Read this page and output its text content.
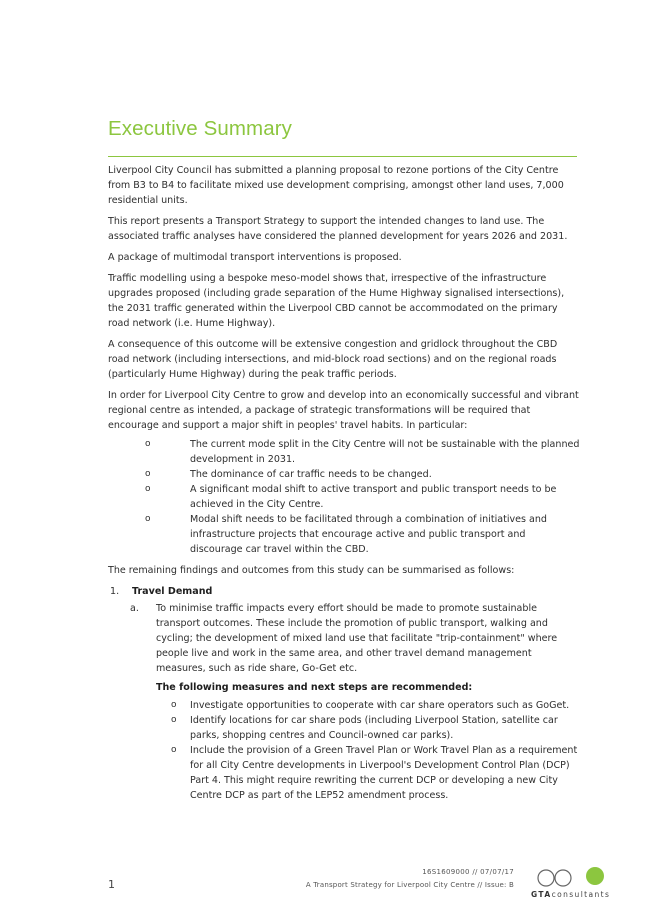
Executive Summary

Liverpool City Council has submitted a planning proposal to rezone portions of the City Centre from B3 to B4 to facilitate mixed use development comprising, amongst other land uses, 7,000 residential units.

This report presents a Transport Strategy to support the intended changes to land use. The associated traffic analyses have considered the planned development for years 2026 and 2031.

A package of multimodal transport interventions is proposed.

Traffic modelling using a bespoke meso-model shows that, irrespective of the infrastructure upgrades proposed (including grade separation of the Hume Highway signalised intersections), the 2031 traffic generated within the Liverpool CBD cannot be accommodated on the primary road network (i.e. Hume Highway).

A consequence of this outcome will be extensive congestion and gridlock throughout the CBD road network (including intersections, and mid-block road sections) and on the regional roads (particularly Hume Highway) during the peak traffic periods.

In order for Liverpool City Centre to grow and develop into an economically successful and vibrant regional centre as intended, a package of strategic transformations will be required that encourage and support a major shift in peoples' travel habits. In particular:

o	The current mode split in the City Centre will not be sustainable with the planned development in 2031.
o	The dominance of car traffic needs to be changed.
o	A significant modal shift to active transport and public transport needs to be achieved in the City Centre.
o	Modal shift needs to be facilitated through a combination of initiatives and infrastructure projects that encourage active and public transport and discourage car travel within the CBD.

The remaining findings and outcomes from this study can be summarised as follows:

1. Travel Demand
a. To minimise traffic impacts every effort should be made to promote sustainable transport outcomes. These include the promotion of public transport, walking and cycling; the development of mixed land use that facilitate "trip-containment" where people live and work in the same area, and other travel demand management measures, such as ride share, Go-Get etc.

The following measures and next steps are recommended:

o Investigate opportunities to cooperate with car share operators such as GoGet.
o Identify locations for car share pods (including Liverpool Station, satellite car parks, shopping centres and Council-owned car parks).
o Include the provision of a Green Travel Plan or Work Travel Plan as a requirement for all City Centre developments in Liverpool's Development Control Plan (DCP) Part 4. This might require rewriting the current DCP or developing a new City Centre DCP as part of the LEP52 amendment process.
1
16S1609000 // 07/07/17
A Transport Strategy for Liverpool City Centre // Issue: B
GTAconsultants
